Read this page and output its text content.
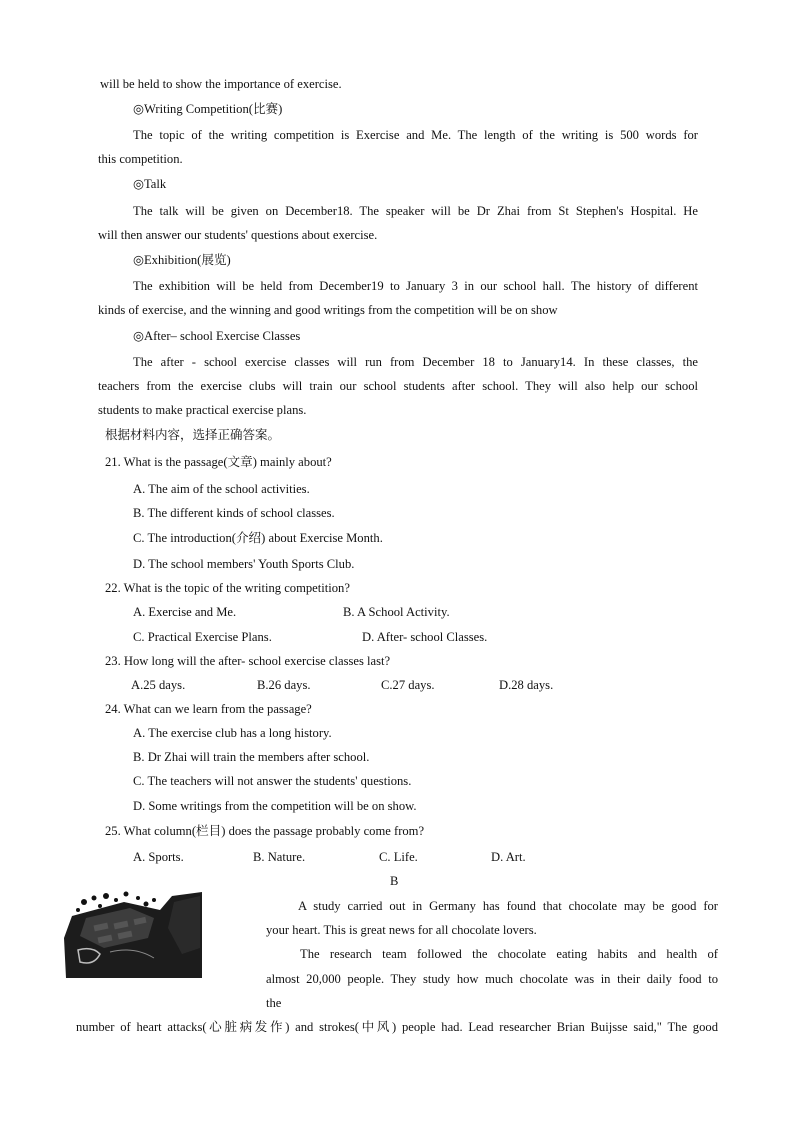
will be held to show the importance of exercise.
◎Writing Competition(比赛)
The topic of the writing competition is Exercise and Me. The length of the writing is 500 words for
this competition.
◎Talk
The talk will be given on December18. The speaker will be Dr Zhai from St Stephen's Hospital. He
will then answer our students' questions about exercise.
◎Exhibition(展览)
The exhibition will be held from December19 to January 3 in our school hall. The history of different
kinds of exercise, and the winning and good writings from the competition will be on show
◎After– school Exercise Classes
The after - school exercise classes will run from December 18 to January14. In these classes, the
teachers from the exercise clubs will train our school students after school. They will also help our school
students to make practical exercise plans.
根据材料内容，选择正确答案。
21. What is the passage(文章) mainly about?
A. The aim of the school activities.
B. The different kinds of school classes.
C. The introduction(介绍) about Exercise Month.
D. The school members' Youth Sports Club.
22. What is the topic of the writing competition?
A. Exercise and Me.	B. A School Activity.
C. Practical Exercise Plans.	D. After- school Classes.
23. How long will the after- school exercise classes last?
A.25 days.	B.26 days.	C.27 days.	D.28 days.
24. What can we learn from the passage?
A. The exercise club has a long history.
B. Dr Zhai will train the members after school.
C. The teachers will not answer the students' questions.
D. Some writings from the competition will be on show.
25. What column(栏目) does the passage probably come from?
A. Sports.	B. Nature.	C. Life.	D. Art.
B
A study carried out in Germany has found that chocolate may be good for
your heart. This is great news for all chocolate lovers.
The research team followed the chocolate eating habits and health of
almost 20,000 people. They study how much chocolate was in their daily food to
the
number of heart attacks(心脏病发作) and strokes(中风) people had. Lead researcher Brian Buijsse said," The good
